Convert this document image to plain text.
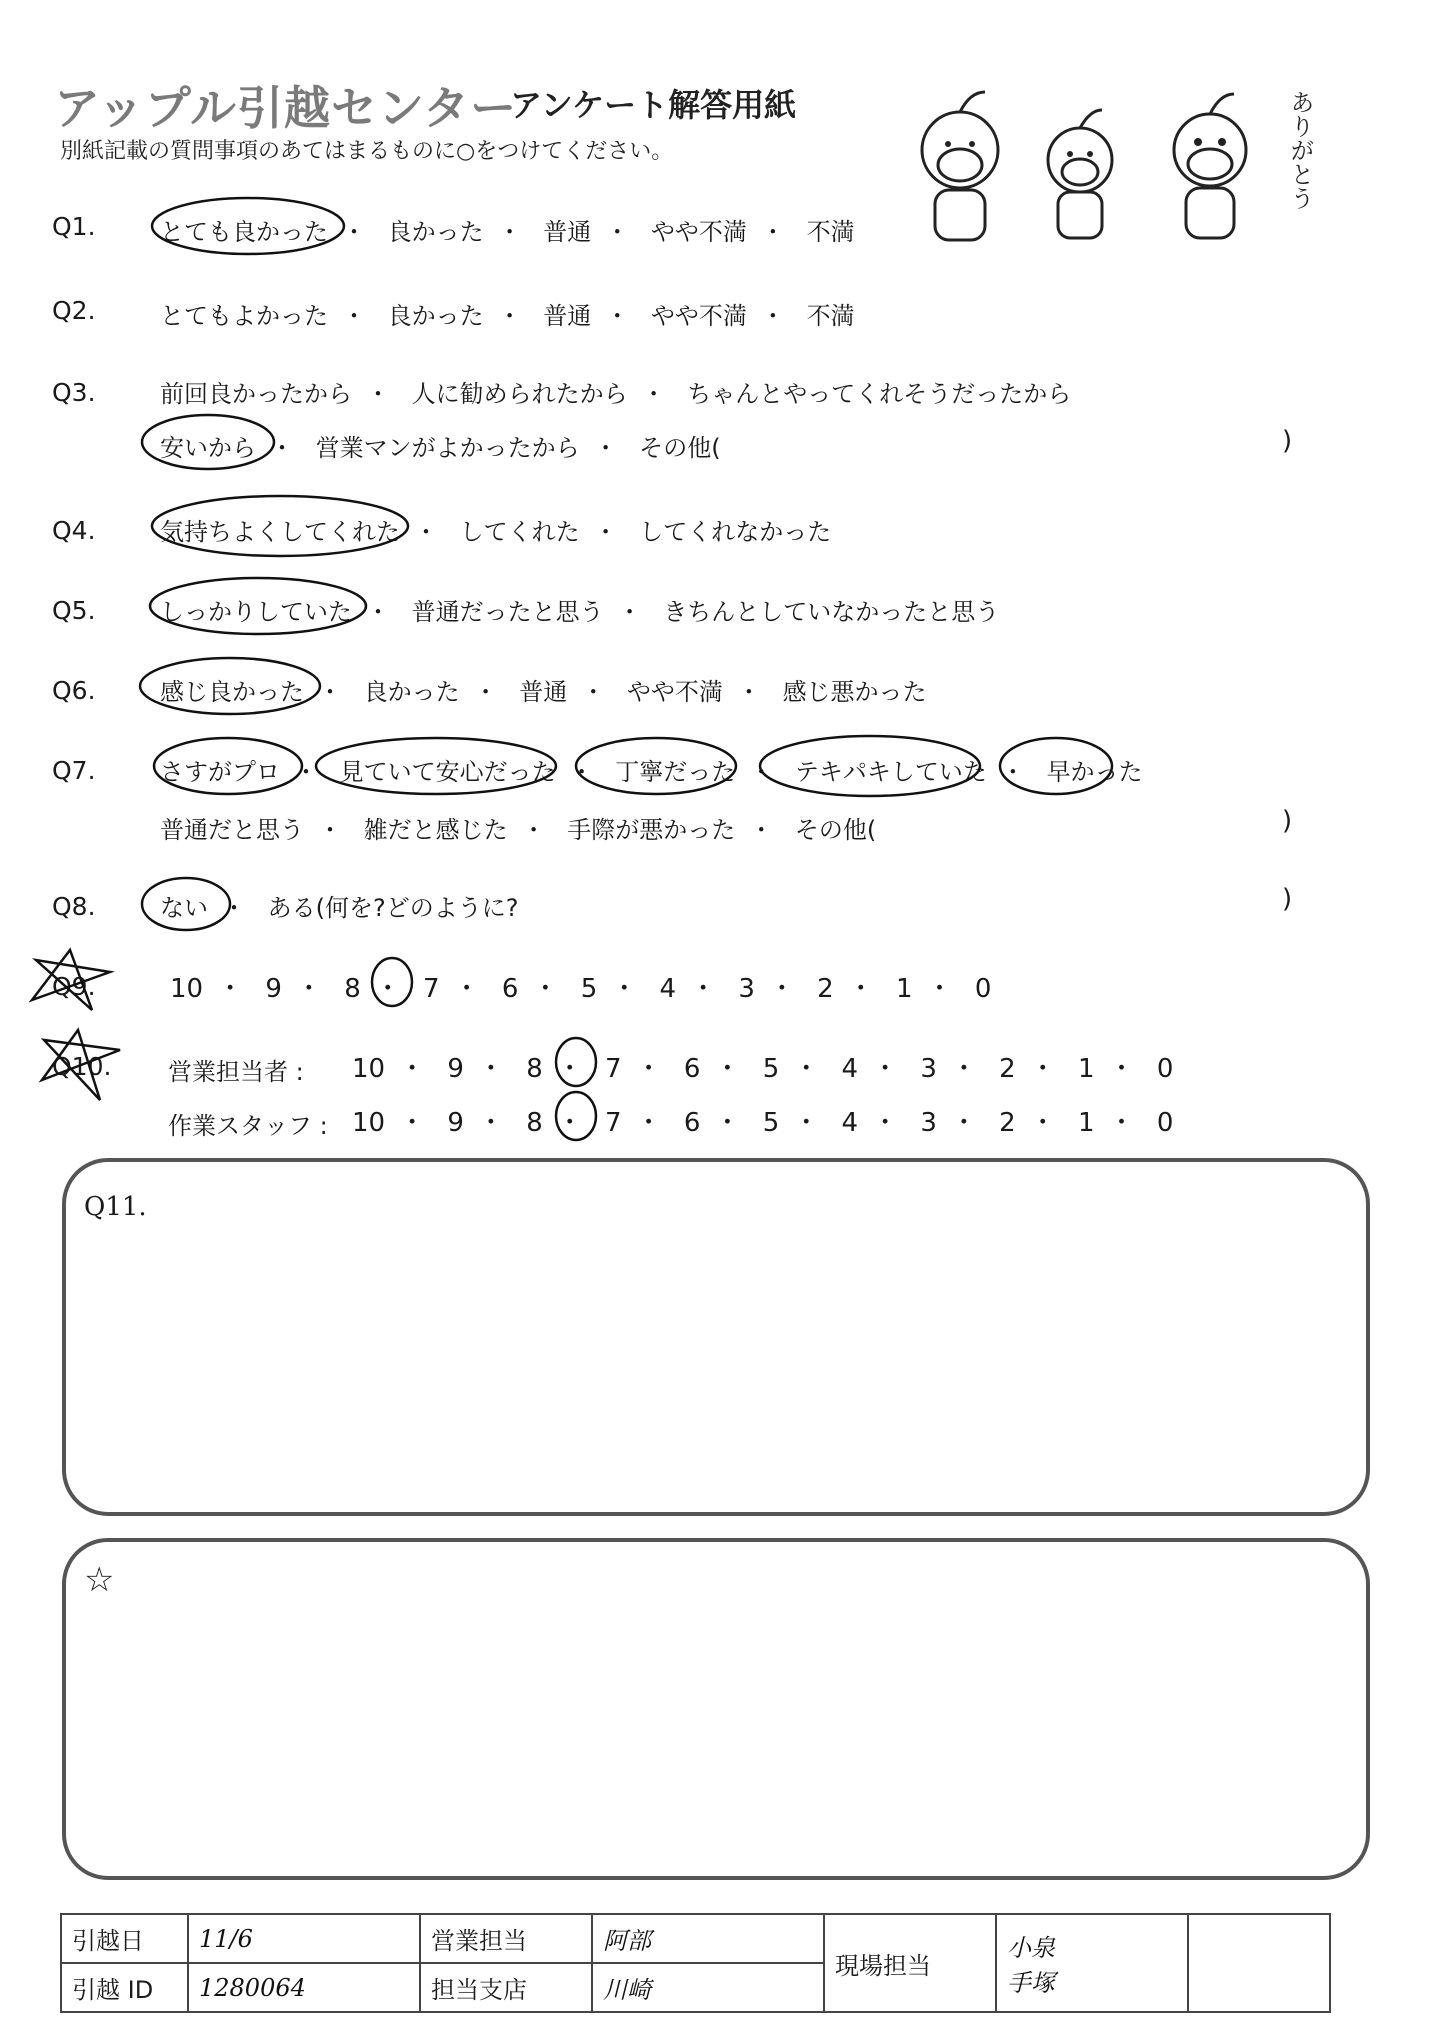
アップル引越センター
アンケート解答用紙
別紙記載の質問事項のあてはまるものに○をつけてください。	ありがとう
Q1.	とても良かった ・ 良かった ・ 普通 ・ やや不満 ・ 不満
Q2.	とてもよかった ・ 良かった ・ 普通 ・ やや不満 ・ 不満
Q3.	前回良かったから ・ 人に勧められたから ・ ちゃんとやってくれそうだったから
安いから ・ 営業マンがよかったから ・ その他(	)
Q4.	気持ちよくしてくれた ・ してくれた ・ してくれなかった
Q5.	しっかりしていた ・ 普通だったと思う ・ きちんとしていなかったと思う
Q6.	感じ良かった ・ 良かった ・ 普通 ・ やや不満 ・ 感じ悪かった
Q7.	さすがプロ ・ 見ていて安心だった ・ 丁寧だった ・ テキパキしていた ・ 早かった
普通だと思う ・ 雑だと感じた ・ 手際が悪かった ・ その他(	)
Q8.	ない ・ ある(何を?どのように?	)
Q9.	10 ・ 9 ・ 8 ・ 7 ・ 6 ・ 5 ・ 4 ・ 3 ・ 2 ・ 1 ・ 0
Q10. 営業担当者 : 10 ・ 9 ・ 8 ・ 7 ・ 6 ・ 5 ・ 4 ・ 3 ・ 2 ・ 1 ・ 0
作業スタッフ : 10 ・ 9 ・ 8 ・ 7 ・ 6 ・ 5 ・ 4 ・ 3 ・ 2 ・ 1 ・ 0
Q11.
☆
引越日	11/6	営業担当	阿部	現場担当	小泉
手塚	

引越 ID	1280064	担当支店	川崎			
